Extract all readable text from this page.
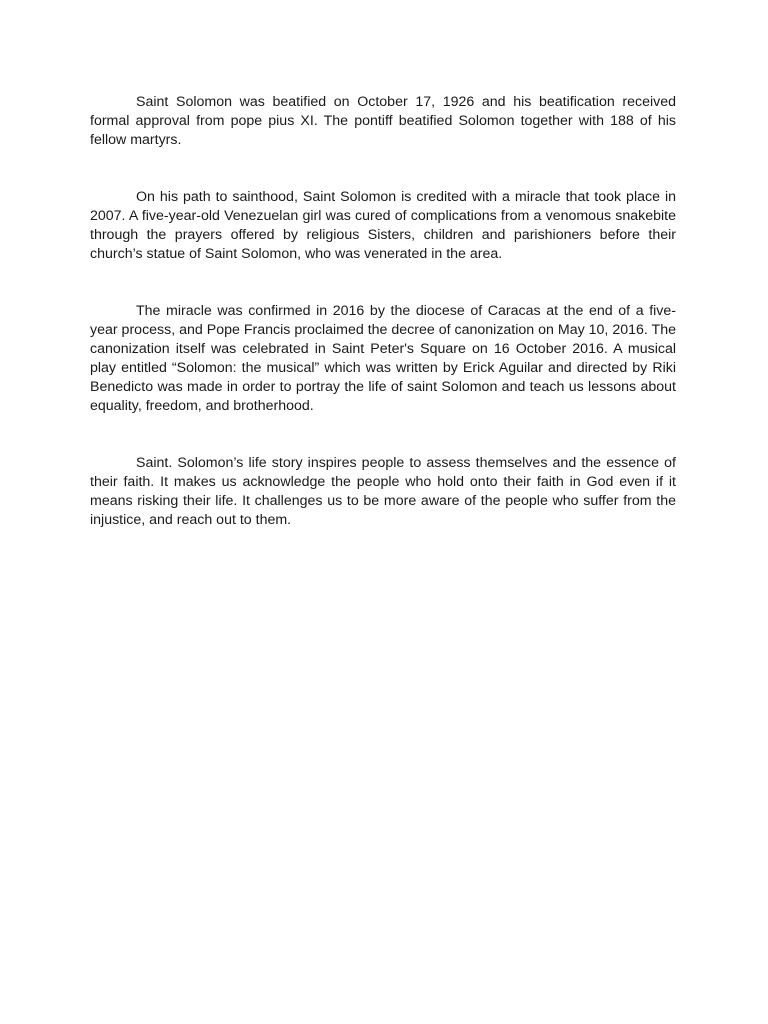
Saint Solomon was beatified on October 17, 1926 and his beatification received formal approval from pope pius XI. The pontiff beatified Solomon together with 188 of his fellow martyrs.

On his path to sainthood, Saint Solomon is credited with a miracle that took place in 2007. A five-year-old Venezuelan girl was cured of complications from a venomous snakebite through the prayers offered by religious Sisters, children and parishioners before their church’s statue of Saint Solomon, who was venerated in the area.

The miracle was confirmed in 2016 by the diocese of Caracas at the end of a five-year process, and Pope Francis proclaimed the decree of canonization on May 10, 2016. The canonization itself was celebrated in Saint Peter's Square on 16 October 2016. A musical play entitled “Solomon: the musical” which was written by Erick Aguilar and directed by Riki Benedicto was made in order to portray the life of saint Solomon and teach us lessons about equality, freedom, and brotherhood.

Saint. Solomon’s life story inspires people to assess themselves and the essence of their faith. It makes us acknowledge the people who hold onto their faith in God even if it means risking their life. It challenges us to be more aware of the people who suffer from the injustice, and reach out to them.
